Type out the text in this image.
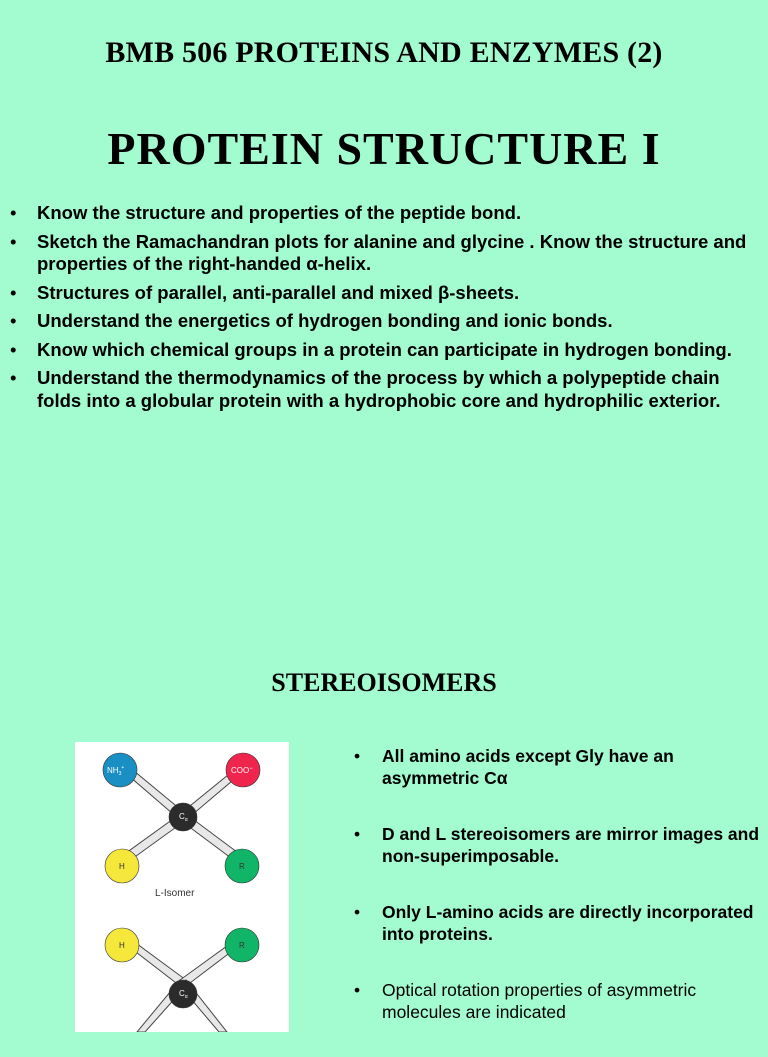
BMB 506 PROTEINS AND ENZYMES (2)
PROTEIN STRUCTURE I
• Know the structure and properties of the peptide bond.
• Sketch the Ramachandran plots for alanine and glycine . Know the structure and properties of the right-handed α-helix.
• Structures of parallel, anti-parallel and mixed β-sheets.
• Understand the energetics of hydrogen bonding and ionic bonds.
• Know which chemical groups in a protein can participate in hydrogen bonding.
• Understand the thermodynamics of the process by which a polypeptide chain folds into a globular protein with a hydrophobic core and hydrophilic exterior.
STEREOISOMERS
$NH_3^+$	COO−
$C_\alpha$
H	R
L-Isomer
H	R
$C_\alpha$
• All amino acids except Gly have an asymmetric Cα
• D and L stereoisomers are mirror images and non-superimposable.
• Only L-amino acids are directly incorporated into proteins.
• Optical rotation properties of asymmetric molecules are indicated
